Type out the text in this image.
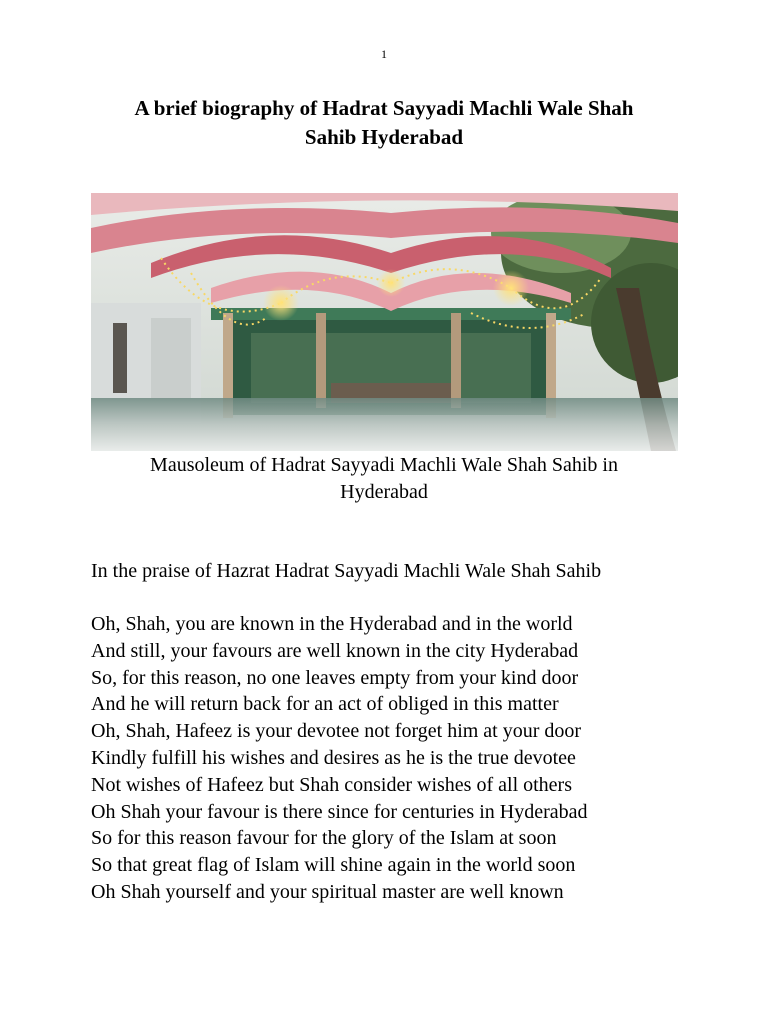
1
A brief biography of Hadrat Sayyadi Machli Wale Shah
Sahib Hyderabad
Mausoleum of Hadrat Sayyadi Machli Wale Shah Sahib in
Hyderabad
In the praise of Hazrat Hadrat Sayyadi Machli Wale Shah Sahib
Oh, Shah, you are known in the Hyderabad and in the world
And still, your favours are well known in the city Hyderabad
So, for this reason, no one leaves empty from your kind door
And he will return back for an act of obliged in this matter
Oh, Shah, Hafeez is your devotee not forget him at your door
Kindly fulfill his wishes and desires as he is the true devotee
Not wishes of Hafeez but Shah consider wishes of all others
Oh Shah your favour is there since for centuries in Hyderabad
So for this reason favour for the glory of the Islam at soon
So that great flag of Islam will shine again in the world soon
Oh Shah yourself and your spiritual master are well known
